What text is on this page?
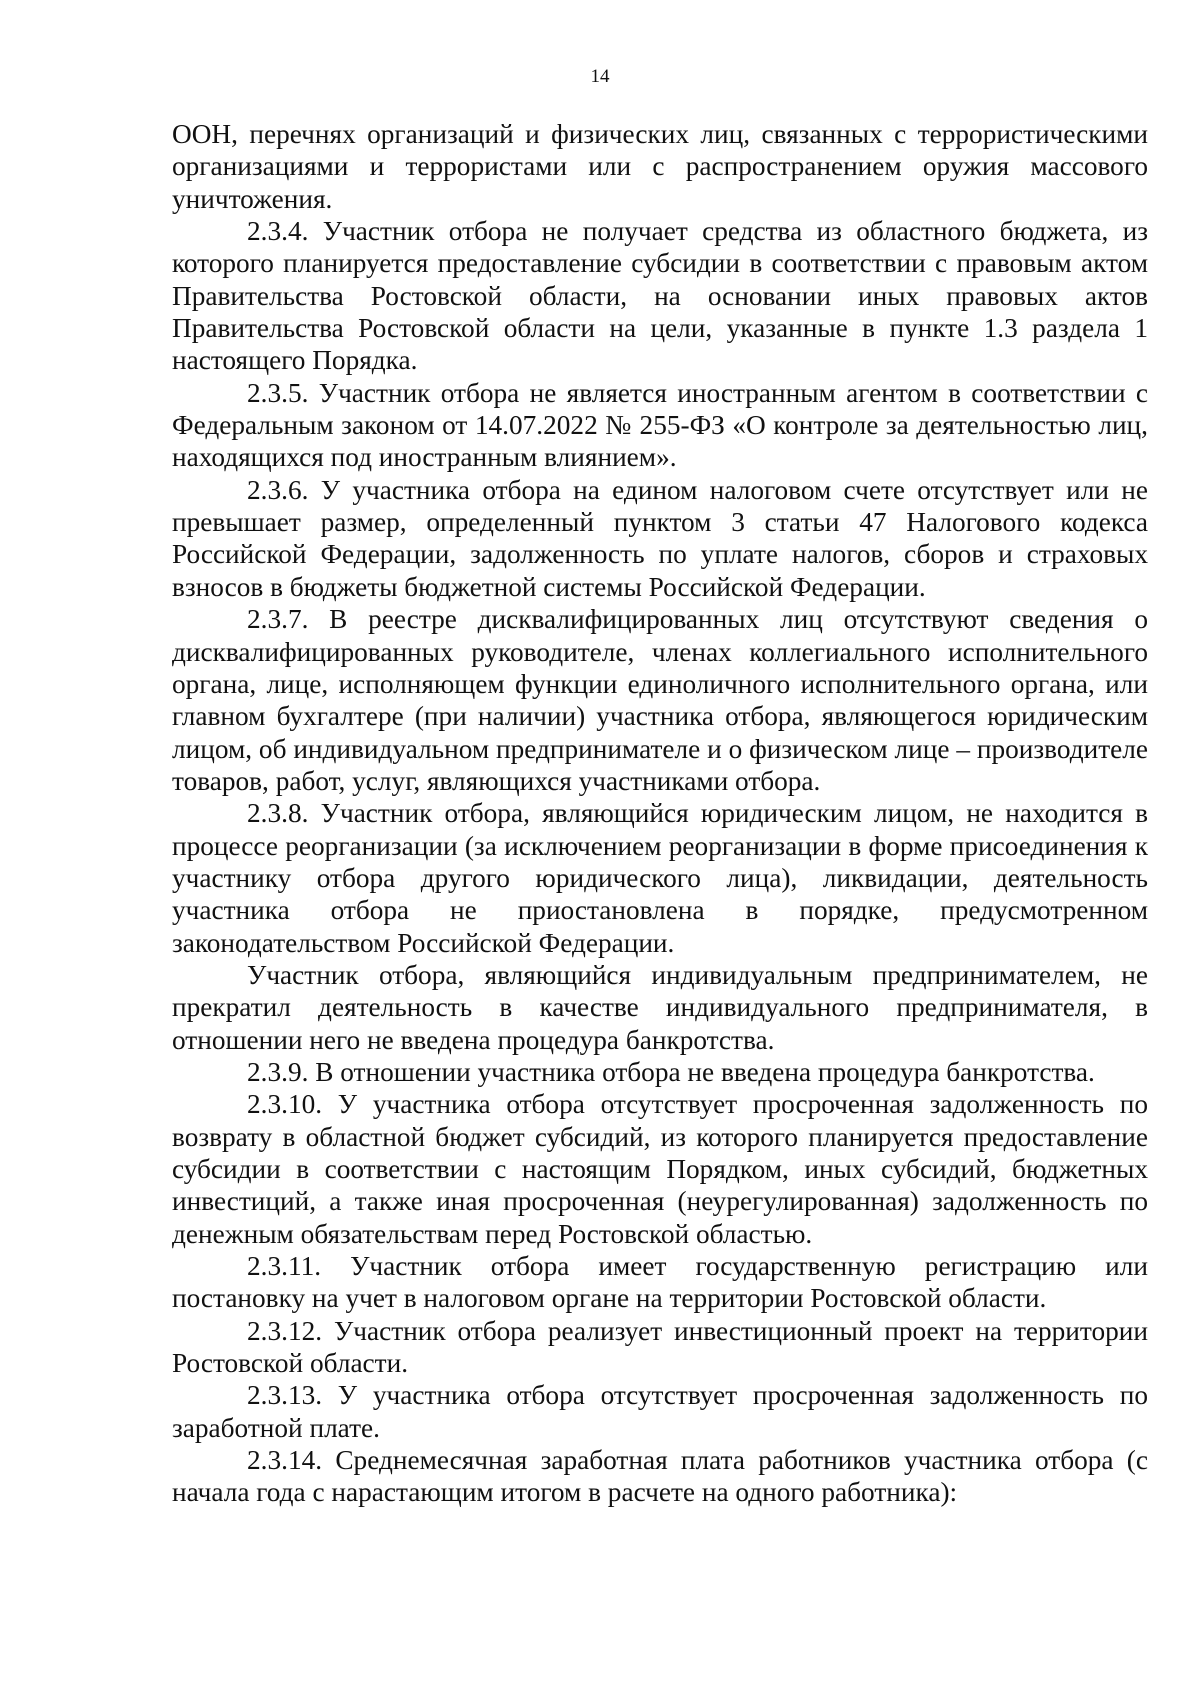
14

ООН, перечнях организаций и физических лиц, связанных с террористическими организациями и террористами или с распространением оружия массового уничтожения.

2.3.4. Участник отбора не получает средства из областного бюджета, из которого планируется предоставление субсидии в соответствии с правовым актом Правительства Ростовской области, на основании иных правовых актов Правительства Ростовской области на цели, указанные в пункте 1.3 раздела 1 настоящего Порядка.

2.3.5. Участник отбора не является иностранным агентом в соответствии с Федеральным законом от 14.07.2022 № 255-ФЗ «О контроле за деятельностью лиц, находящихся под иностранным влиянием».

2.3.6. У участника отбора на едином налоговом счете отсутствует или не превышает размер, определенный пунктом 3 статьи 47 Налогового кодекса Российской Федерации, задолженность по уплате налогов, сборов и страховых взносов в бюджеты бюджетной системы Российской Федерации.

2.3.7. В реестре дисквалифицированных лиц отсутствуют сведения о дисквалифицированных руководителе, членах коллегиального исполнительного органа, лице, исполняющем функции единоличного исполнительного органа, или главном бухгалтере (при наличии) участника отбора, являющегося юридическим лицом, об индивидуальном предпринимателе и о физическом лице – производителе товаров, работ, услуг, являющихся участниками отбора.

2.3.8. Участник отбора, являющийся юридическим лицом, не находится в процессе реорганизации (за исключением реорганизации в форме присоединения к участнику отбора другого юридического лица), ликвидации, деятельность участника отбора не приостановлена в порядке, предусмотренном законодательством Российской Федерации.

Участник отбора, являющийся индивидуальным предпринимателем, не прекратил деятельность в качестве индивидуального предпринимателя, в отношении него не введена процедура банкротства.

2.3.9. В отношении участника отбора не введена процедура банкротства.

2.3.10. У участника отбора отсутствует просроченная задолженность по возврату в областной бюджет субсидий, из которого планируется предоставление субсидии в соответствии с настоящим Порядком, иных субсидий, бюджетных инвестиций, а также иная просроченная (неурегулированная) задолженность по денежным обязательствам перед Ростовской областью.

2.3.11. Участник отбора имеет государственную регистрацию или постановку на учет в налоговом органе на территории Ростовской области.

2.3.12. Участник отбора реализует инвестиционный проект на территории Ростовской области.

2.3.13. У участника отбора отсутствует просроченная задолженность по заработной плате.

2.3.14. Среднемесячная заработная плата работников участника отбора (с начала года с нарастающим итогом в расчете на одного работника):
